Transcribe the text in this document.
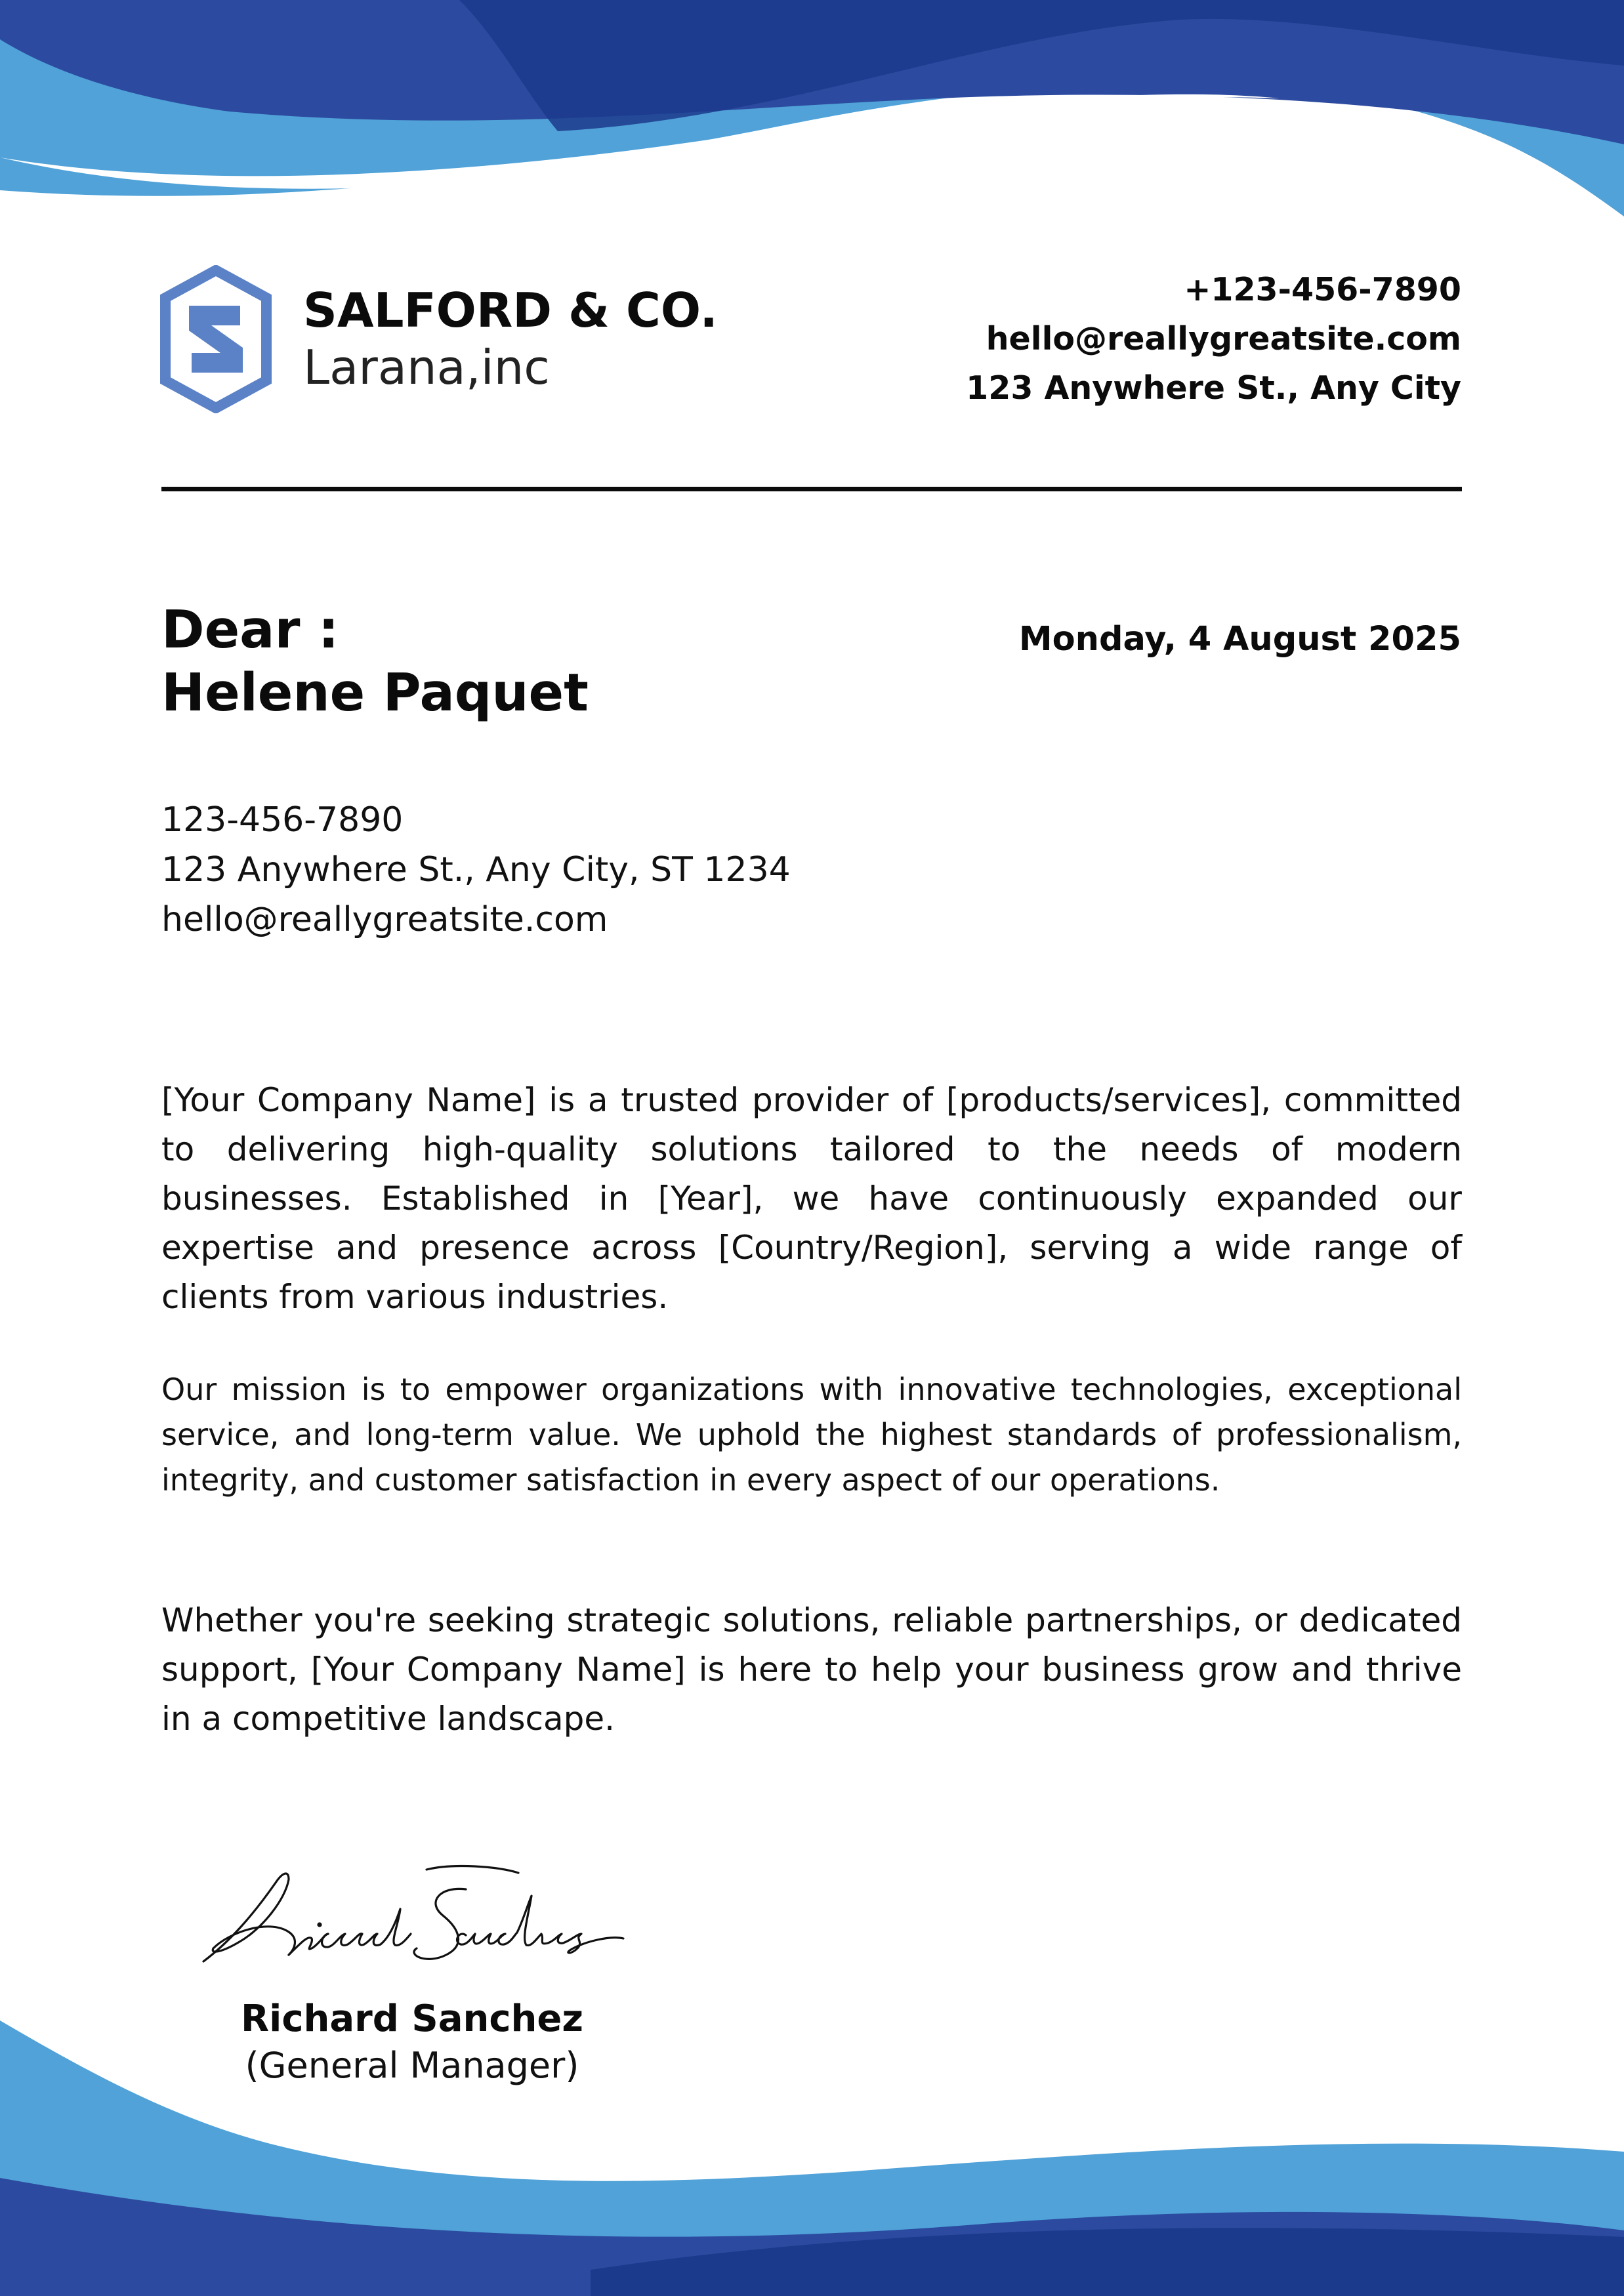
SALFORD & CO.
Larana,inc
+123-456-7890
hello@reallygreatsite.com
123 Anywhere St., Any City
Dear :
Helene Paquet
Monday, 4 August 2025
123-456-7890
123 Anywhere St., Any City, ST 1234
hello@reallygreatsite.com

[Your Company Name] is a trusted provider of [products/services], committed to delivering high-quality solutions tailored to the needs of modern businesses. Established in [Year], we have continuously expanded our expertise and presence across [Country/Region], serving a wide range of clients from various industries.

Our mission is to empower organizations with innovative technologies, exceptional service, and long-term value. We uphold the highest standards of professionalism, integrity, and customer satisfaction in every aspect of our operations.

Whether you're seeking strategic solutions, reliable partnerships, or dedicated support, [Your Company Name] is here to help your business grow and thrive in a competitive landscape.

Richard Sanchez
(General Manager)
